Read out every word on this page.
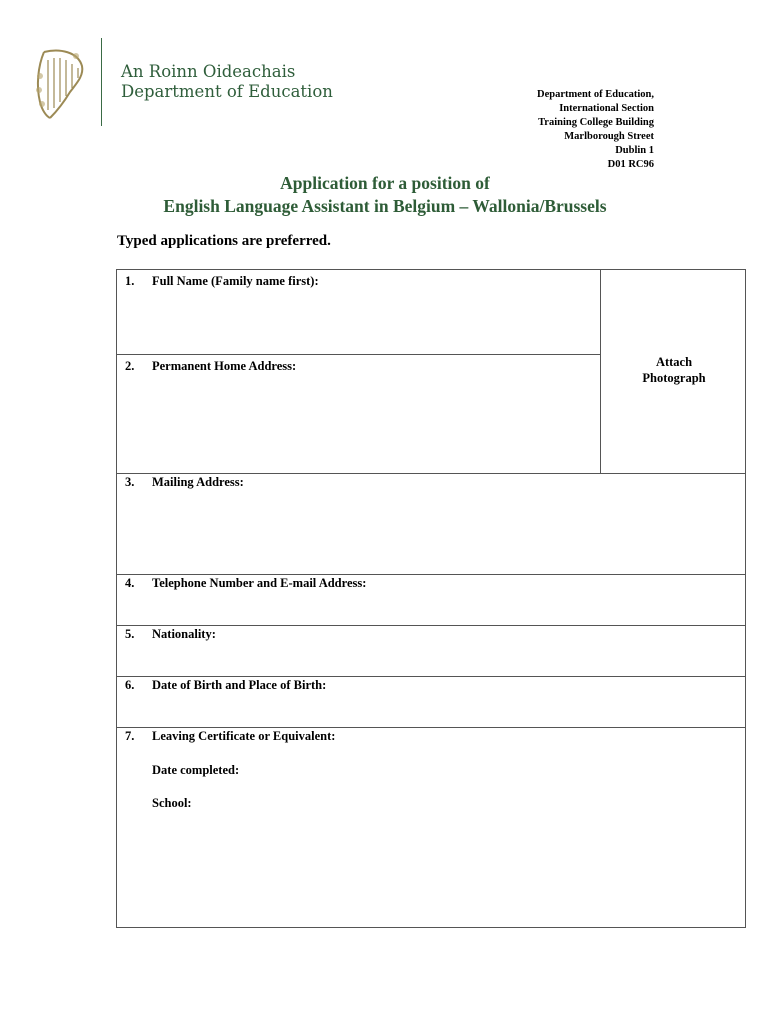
An Roinn Oideachais
Department of Education	Department of Education,
International Section
Training College Building
Marlborough Street
Dublin 1
D01 RC96
Application for a position of
English Language Assistant in Belgium – Wallonia/Brussels
Typed applications are preferred.
1. Full Name (Family name first):
2. Permanent Home Address:	Attach
Photograph
3. Mailing Address:
4. Telephone Number and E-mail Address:
5. Nationality:
6. Date of Birth and Place of Birth:
7. Leaving Certificate or Equivalent:
Date completed:
School:
